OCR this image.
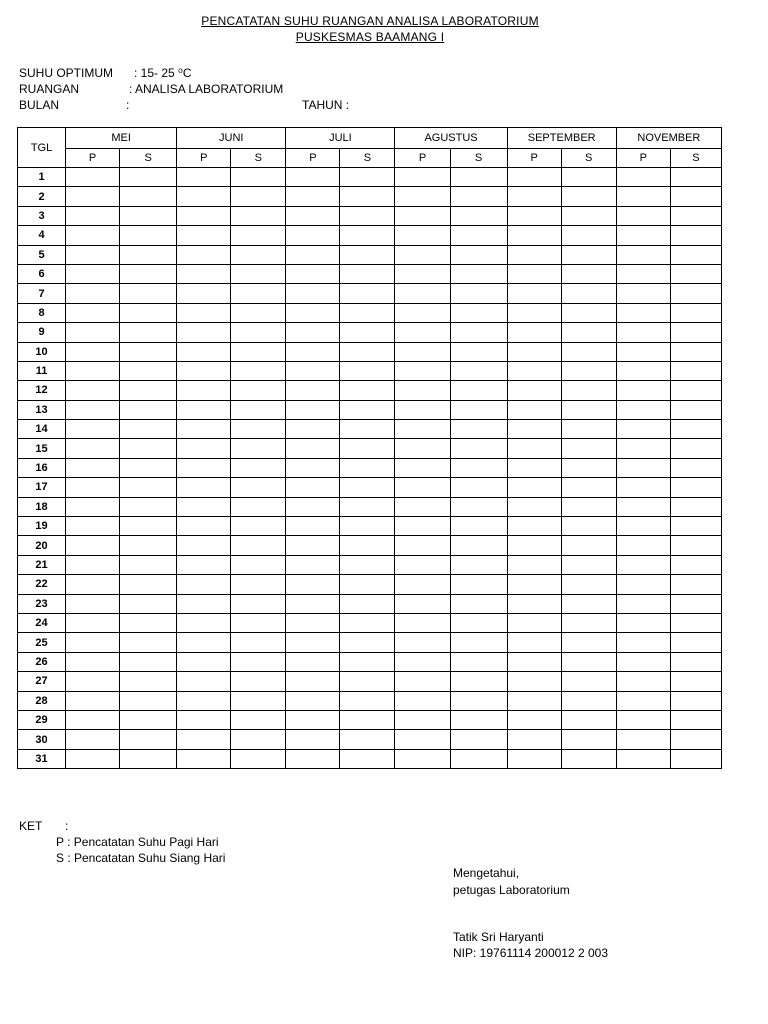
PENCATATAN SUHU RUANGAN ANALISA LABORATORIUM
PUSKESMAS BAAMANG I
SUHU OPTIMUM : 15- 25 ⁰C
RUANGAN	: ANALISA LABORATORIUM
BULAN	:	TAHUN :
TGL	MEI		JUNI		JULI		AGUSTUS		SEPTEMBER		NOVEMBER	
	P	S	P	S	P	S	P	S	P	S	P	S
1												
2												
3												
4												
5												
6												
7												
8												
9												
10												
11												
12												
13												
14												
15												
16												
17												
18												
19												
20												
21												
22												
23												
24												
25												
26												
27												
28												
29												
30												
31												
KET :
P : Pencatatan Suhu Pagi Hari
S : Pencatatan Suhu Siang Hari
Mengetahui,
petugas Laboratorium
Tatik Sri Haryanti
NIP: 19761114 200012 2 003
